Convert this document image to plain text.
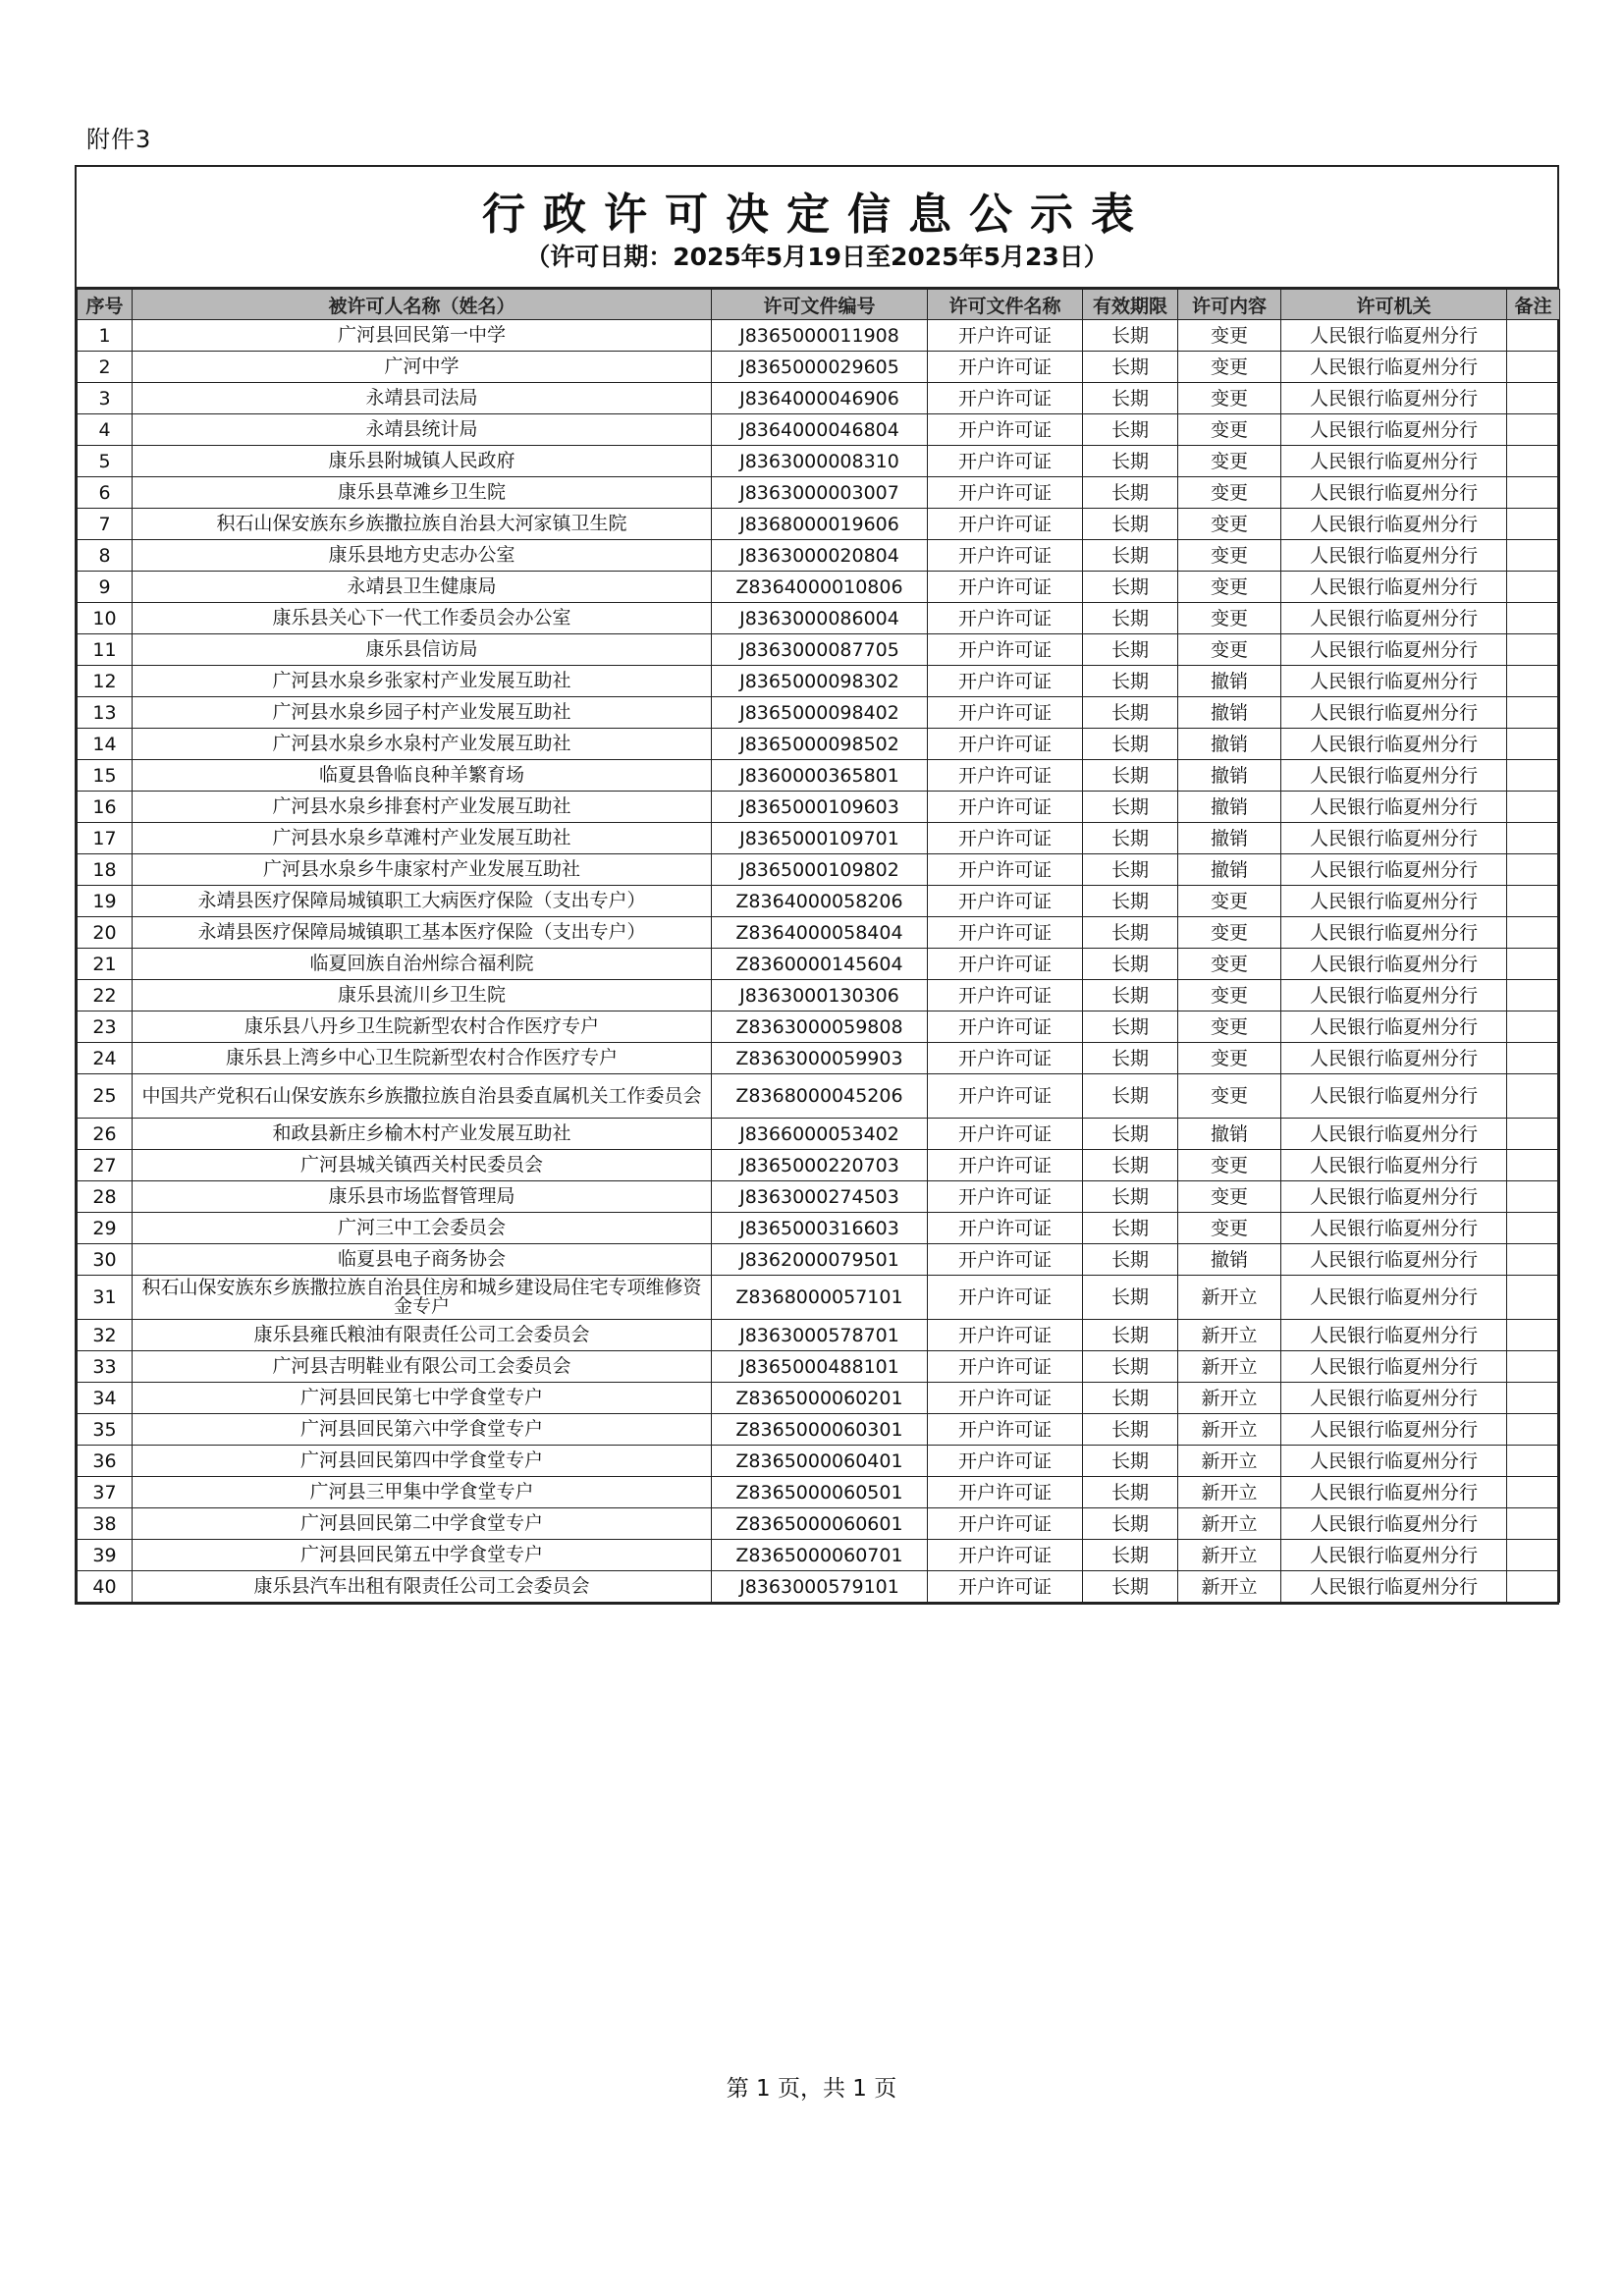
附件3
行政许可决定信息公示表
（许可日期：2025年5月19日至2025年5月23日）
序号	被许可人名称（姓名）	许可文件编号	许可文件名称	有效期限	许可内容	许可机关	备注
1	广河县回民第一中学	J8365000011908	开户许可证	长期	变更	人民银行临夏州分行	
2	广河中学	J8365000029605	开户许可证	长期	变更	人民银行临夏州分行	
3	永靖县司法局	J8364000046906	开户许可证	长期	变更	人民银行临夏州分行	
4	永靖县统计局	J8364000046804	开户许可证	长期	变更	人民银行临夏州分行	
5	康乐县附城镇人民政府	J8363000008310	开户许可证	长期	变更	人民银行临夏州分行	
6	康乐县草滩乡卫生院	J8363000003007	开户许可证	长期	变更	人民银行临夏州分行	
7	积石山保安族东乡族撒拉族自治县大河家镇卫生院	J8368000019606	开户许可证	长期	变更	人民银行临夏州分行	
8	康乐县地方史志办公室	J8363000020804	开户许可证	长期	变更	人民银行临夏州分行	
9	永靖县卫生健康局	Z8364000010806	开户许可证	长期	变更	人民银行临夏州分行	
10	康乐县关心下一代工作委员会办公室	J8363000086004	开户许可证	长期	变更	人民银行临夏州分行	
11	康乐县信访局	J8363000087705	开户许可证	长期	变更	人民银行临夏州分行	
12	广河县水泉乡张家村产业发展互助社	J8365000098302	开户许可证	长期	撤销	人民银行临夏州分行	
13	广河县水泉乡园子村产业发展互助社	J8365000098402	开户许可证	长期	撤销	人民银行临夏州分行	
14	广河县水泉乡水泉村产业发展互助社	J8365000098502	开户许可证	长期	撤销	人民银行临夏州分行	
15	临夏县鲁临良种羊繁育场	J8360000365801	开户许可证	长期	撤销	人民银行临夏州分行	
16	广河县水泉乡排套村产业发展互助社	J8365000109603	开户许可证	长期	撤销	人民银行临夏州分行	
17	广河县水泉乡草滩村产业发展互助社	J8365000109701	开户许可证	长期	撤销	人民银行临夏州分行	
18	广河县水泉乡牛康家村产业发展互助社	J8365000109802	开户许可证	长期	撤销	人民银行临夏州分行	
19	永靖县医疗保障局城镇职工大病医疗保险（支出专户）	Z8364000058206	开户许可证	长期	变更	人民银行临夏州分行	
20	永靖县医疗保障局城镇职工基本医疗保险（支出专户）	Z8364000058404	开户许可证	长期	变更	人民银行临夏州分行	
21	临夏回族自治州综合福利院	Z8360000145604	开户许可证	长期	变更	人民银行临夏州分行	
22	康乐县流川乡卫生院	J8363000130306	开户许可证	长期	变更	人民银行临夏州分行	
23	康乐县八丹乡卫生院新型农村合作医疗专户	Z8363000059808	开户许可证	长期	变更	人民银行临夏州分行	
24	康乐县上湾乡中心卫生院新型农村合作医疗专户	Z8363000059903	开户许可证	长期	变更	人民银行临夏州分行	
25	中国共产党积石山保安族东乡族撒拉族自治县委直属机关工作委员会	Z8368000045206	开户许可证	长期	变更	人民银行临夏州分行	
26	和政县新庄乡榆木村产业发展互助社	J8366000053402	开户许可证	长期	撤销	人民银行临夏州分行	
27	广河县城关镇西关村民委员会	J8365000220703	开户许可证	长期	变更	人民银行临夏州分行	
28	康乐县市场监督管理局	J8363000274503	开户许可证	长期	变更	人民银行临夏州分行	
29	广河三中工会委员会	J8365000316603	开户许可证	长期	变更	人民银行临夏州分行	
30	临夏县电子商务协会	J8362000079501	开户许可证	长期	撤销	人民银行临夏州分行	
31	积石山保安族东乡族撒拉族自治县住房和城乡建设局住宅专项维修资金专户	Z8368000057101	开户许可证	长期	新开立	人民银行临夏州分行	
32	康乐县雍氏粮油有限责任公司工会委员会	J8363000578701	开户许可证	长期	新开立	人民银行临夏州分行	
33	广河县吉明鞋业有限公司工会委员会	J8365000488101	开户许可证	长期	新开立	人民银行临夏州分行	
34	广河县回民第七中学食堂专户	Z8365000060201	开户许可证	长期	新开立	人民银行临夏州分行	
35	广河县回民第六中学食堂专户	Z8365000060301	开户许可证	长期	新开立	人民银行临夏州分行	
36	广河县回民第四中学食堂专户	Z8365000060401	开户许可证	长期	新开立	人民银行临夏州分行	
37	广河县三甲集中学食堂专户	Z8365000060501	开户许可证	长期	新开立	人民银行临夏州分行	
38	广河县回民第二中学食堂专户	Z8365000060601	开户许可证	长期	新开立	人民银行临夏州分行	
39	广河县回民第五中学食堂专户	Z8365000060701	开户许可证	长期	新开立	人民银行临夏州分行	
40	康乐县汽车出租有限责任公司工会委员会	J8363000579101	开户许可证	长期	新开立	人民银行临夏州分行	
第 1 页，共 1 页
